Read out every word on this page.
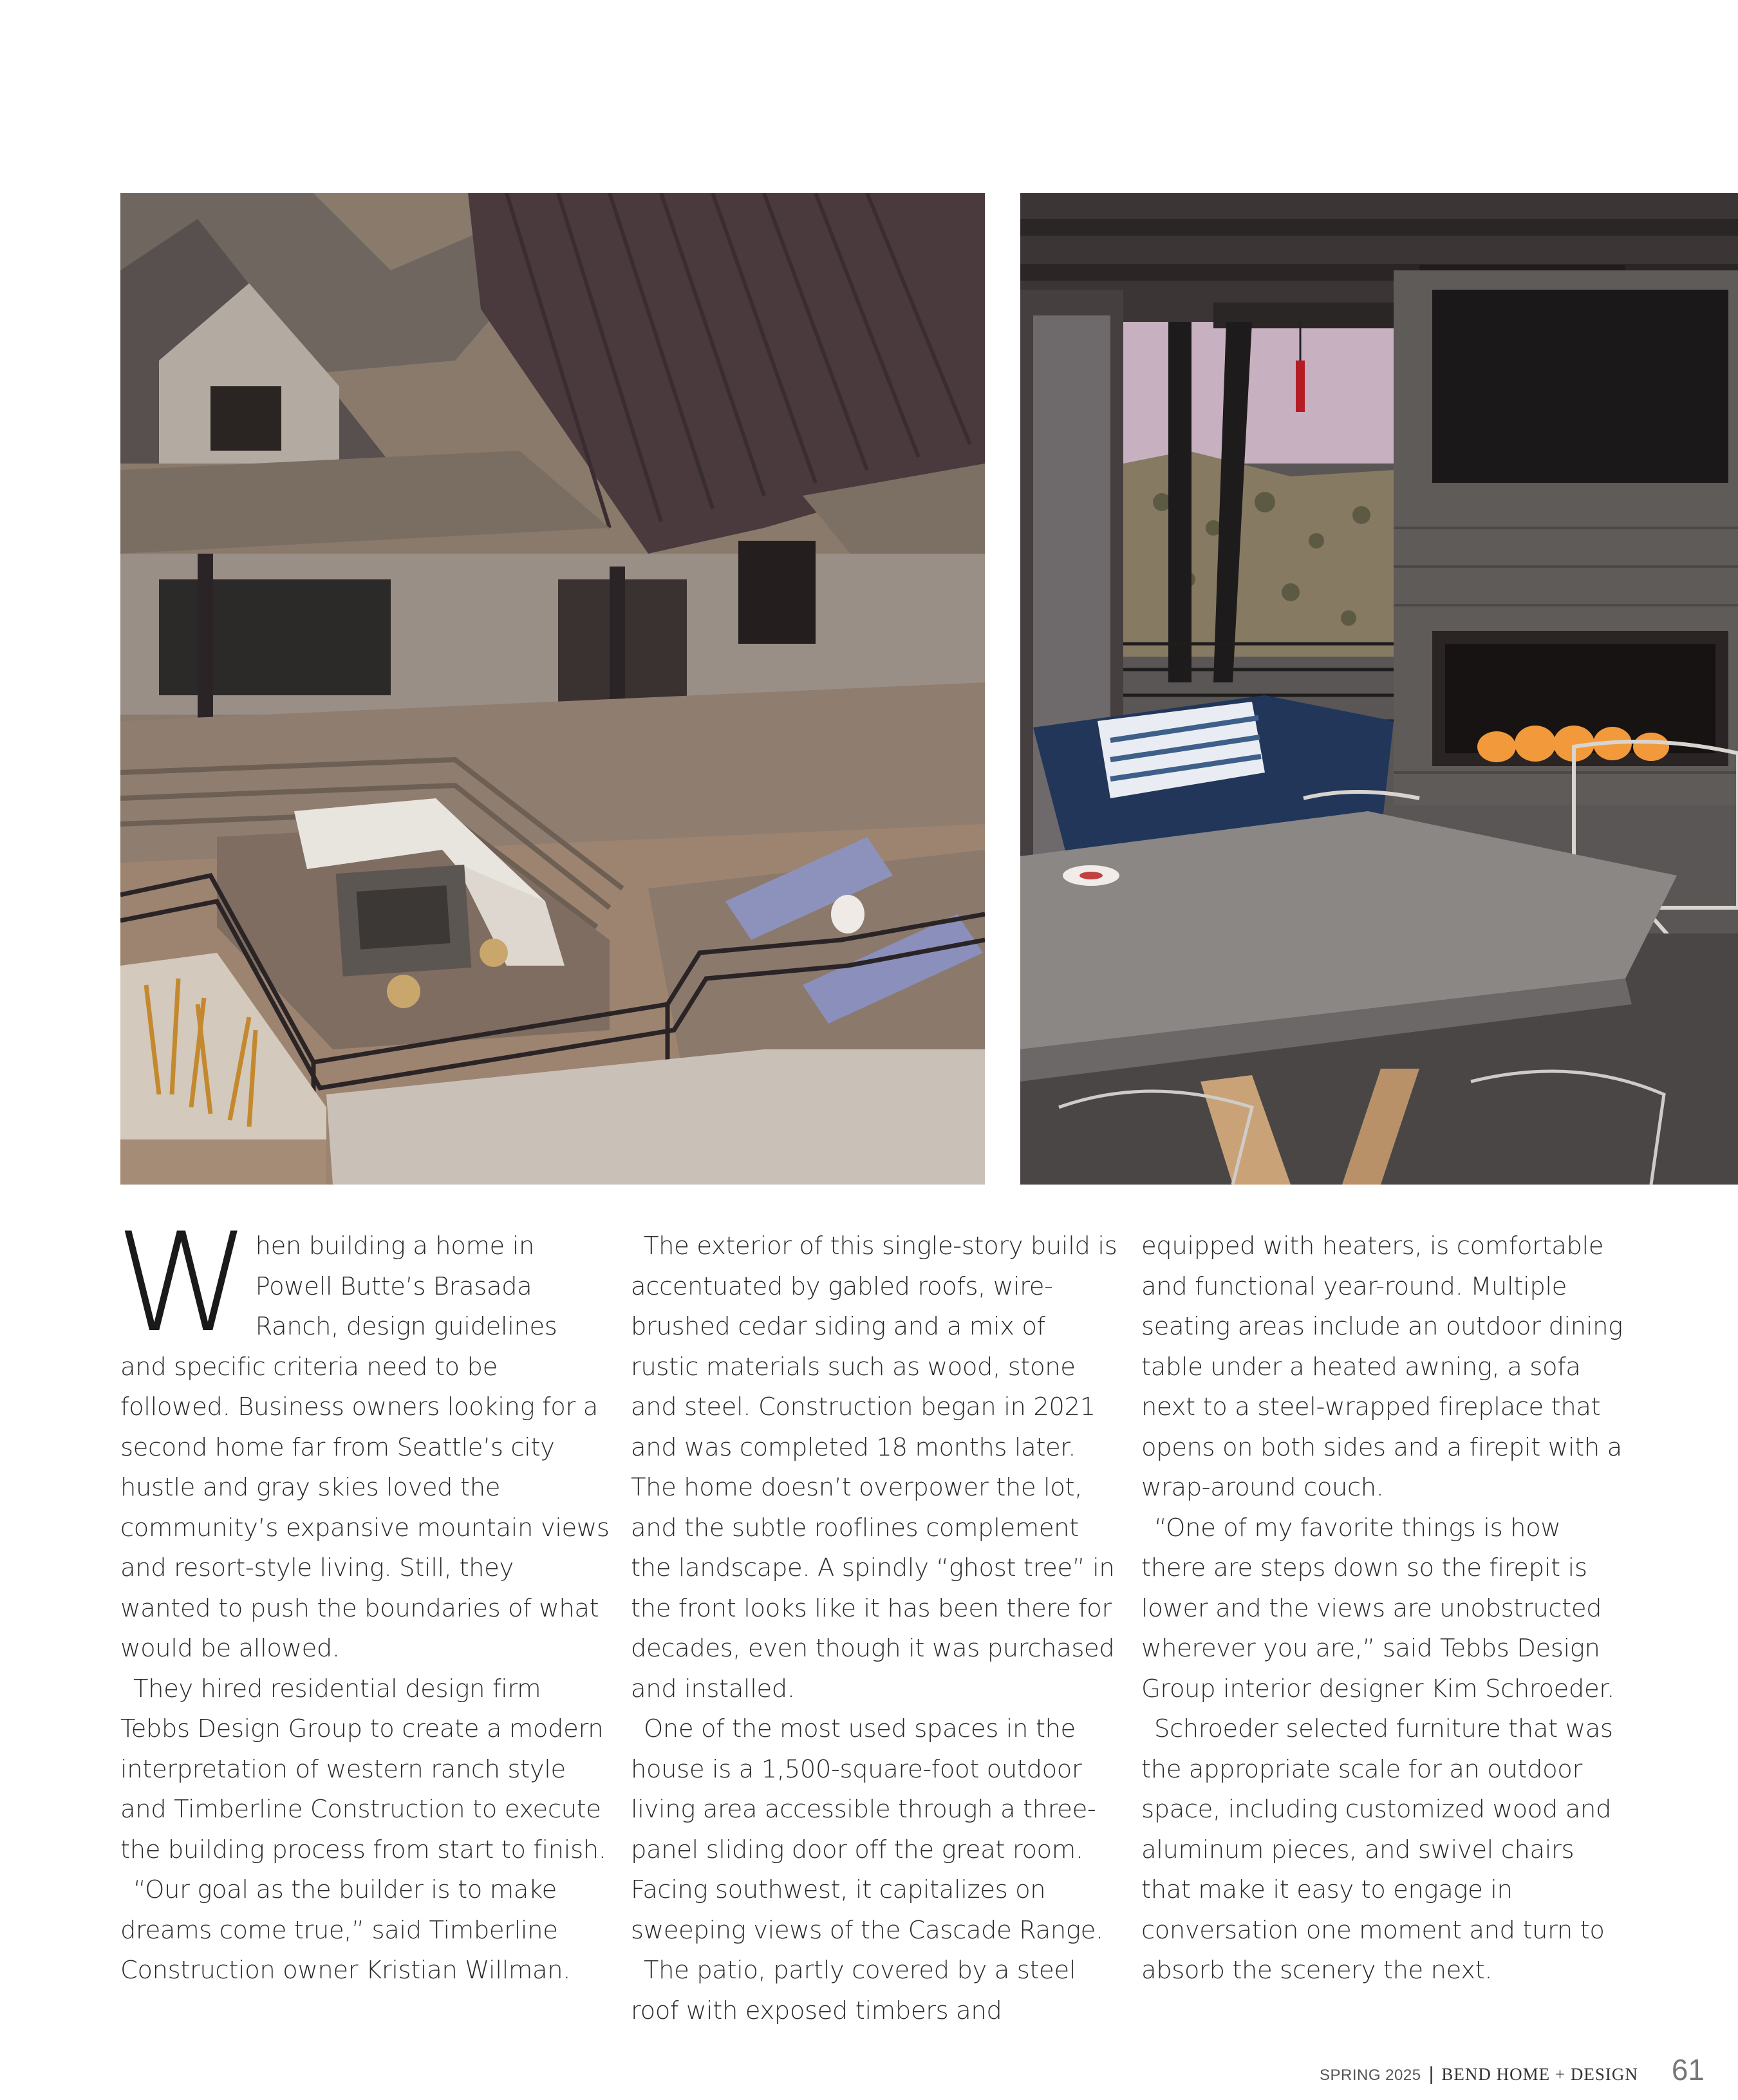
W hen building a home in Powell Butte’s Brasada Ranch, design guidelines and specific criteria need to be followed. Business owners looking for a second home far from Seattle’s city hustle and gray skies loved the community’s expansive mountain views and resort-style living. Still, they wanted to push the boundaries of what would be allowed.

They hired residential design firm Tebbs Design Group to create a modern interpretation of western ranch style and Timberline Construction to execute the building process from start to finish.

“Our goal as the builder is to make dreams come true,” said Timberline Construction owner Kristian Willman.

The exterior of this single-story build is accentuated by gabled roofs, wire-brushed cedar siding and a mix of rustic materials such as wood, stone and steel. Construction began in 2021 and was completed 18 months later. The home doesn’t overpower the lot, and the subtle rooflines complement the landscape. A spindly “ghost tree” in the front looks like it has been there for decades, even though it was purchased and installed.

One of the most used spaces in the house is a 1,500-square-foot outdoor living area accessible through a three-panel sliding door off the great room. Facing southwest, it capitalizes on sweeping views of the Cascade Range.

The patio, partly covered by a steel roof with exposed timbers and

equipped with heaters, is comfortable and functional year-round. Multiple seating areas include an outdoor dining table under a heated awning, a sofa next to a steel-wrapped fireplace that opens on both sides and a firepit with a wrap-around couch.

“One of my favorite things is how there are steps down so the firepit is lower and the views are unobstructed wherever you are,” said Tebbs Design Group interior designer Kim Schroeder.

Schroeder selected furniture that was the appropriate scale for an outdoor space, including customized wood and aluminum pieces, and swivel chairs that make it easy to engage in conversation one moment and turn to absorb the scenery the next.

SPRING 2025 | BEND HOME + DESIGN 61
